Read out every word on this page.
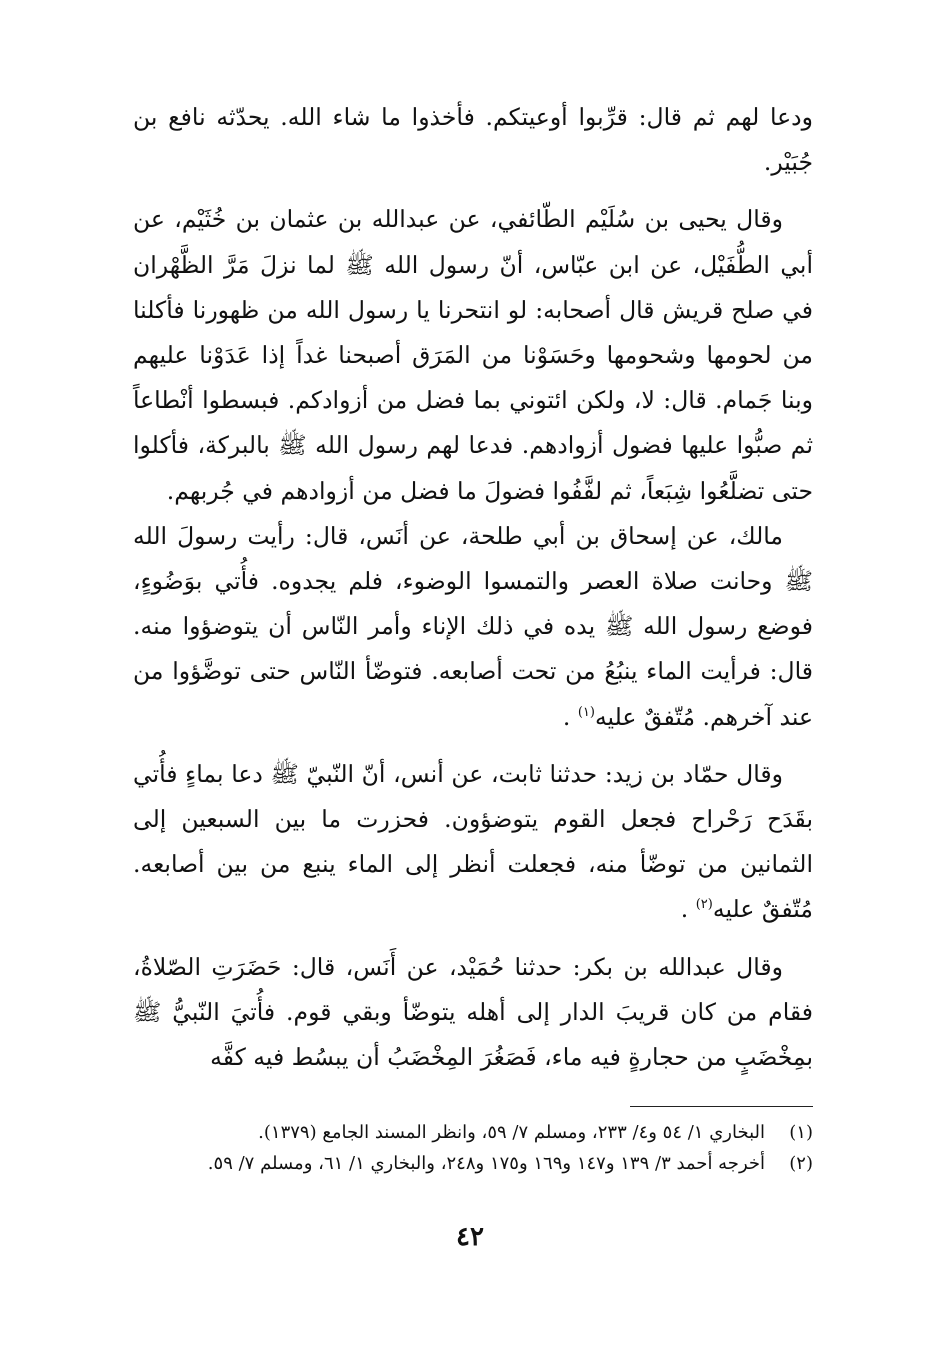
ودعا لهم ثم قال: قرِّبوا أوعيتكم. فأخذوا ما شاء الله. يحدّثه نافع بن جُبَيْر.

وقال يحيى بن سُلَيْم الطّائفي، عن عبدالله بن عثمان بن خُثَيْم، عن أبي الطُّفَيْل، عن ابن عبّاس، أنّ رسول الله ﷺ لما نزلَ مَرَّ الظَّهْران في صلح قريش قال أصحابه: لو انتحرنا يا رسول الله من ظهورنا فأكلنا من لحومها وشحومها وحَسَوْنا من المَرَق أصبحنا غداً إذا عَدَوْنا عليهم وبنا جَمام. قال: لا، ولكن ائتوني بما فضل من أزوادكم. فبسطوا أنْطاعاً ثم صبُّوا عليها فضول أزوادهم. فدعا لهم رسول الله ﷺ بالبركة، فأكلوا حتى تضلَّعُوا شِبَعاً، ثم لفَّفُوا فضولَ ما فضل من أزوادهم في جُربهم.

مالك، عن إسحاق بن أبي طلحة، عن أنَس، قال: رأيت رسولَ الله ﷺ وحانت صلاة العصر والتمسوا الوضوء، فلم يجدوه. فأُتي بوَضُوءٍ، فوضع رسول الله ﷺ يده في ذلك الإناء وأمر النّاس أن يتوضؤوا منه. قال: فرأيت الماء ينبُعُ من تحت أصابعه. فتوضّأ النّاس حتى توضَّؤوا من عند آخرهم. مُتّفقٌ عليه$^{(١)}$ .

وقال حمّاد بن زيد: حدثنا ثابت، عن أنس، أنّ النّبيّ ﷺ دعا بماءٍ فأُتي بقَدَح رَحْراح فجعل القوم يتوضؤون. فحزرت ما بين السبعين إلى الثمانين من توضّأ منه، فجعلت أنظر إلى الماء ينبع من بين أصابعه. مُتّفقٌ عليه$^{(٢)}$ .

وقال عبدالله بن بكر: حدثنا حُمَيْد، عن أَنَس، قال: حَضَرَتِ الصّلاةُ، فقام من كان قريبَ الدار إلى أهله يتوضّأ وبقي قوم. فأُتيَ النّبيُّ ﷺ بمِخْضَبٍ من حجارةٍ فيه ماء، فَصَغُرَ المِخْضَبُ أن يبسُط فيه كفَّه

(١)
البخاري ١/ ٥٤ و٤/ ٢٣٣، ومسلم ٧/ ٥٩، وانظر المسند الجامع (١٣٧٩).
(٢)
أخرجه أحمد ٣/ ١٣٩ و١٤٧ و١٦٩ و١٧٥ و٢٤٨، والبخاري ١/ ٦١، ومسلم ٧/ ٥٩.
٤٢
